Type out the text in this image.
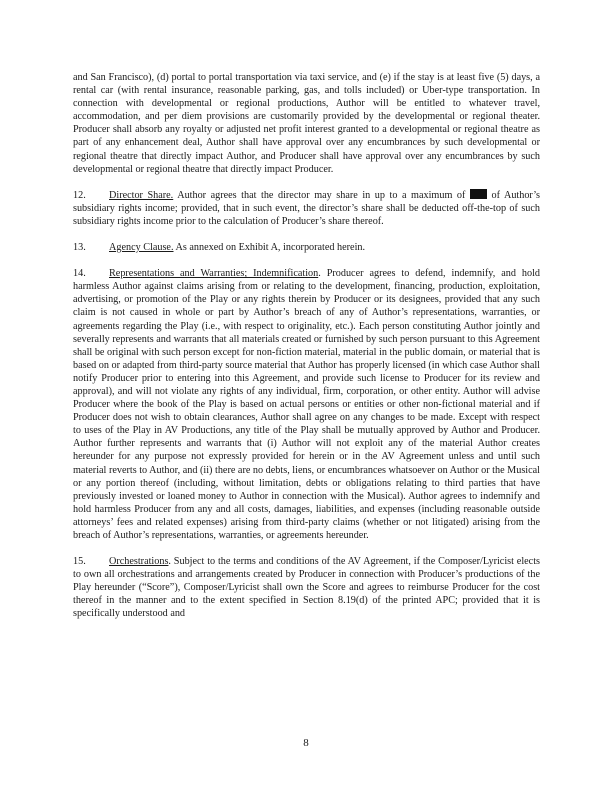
and San Francisco), (d) portal to portal transportation via taxi service, and (e) if the stay is at least five (5) days, a rental car (with rental insurance, reasonable parking, gas, and tolls included) or Uber-type transportation. In connection with developmental or regional productions, Author will be entitled to whatever travel, accommodation, and per diem provisions are customarily provided by the developmental or regional theater. Producer shall absorb any royalty or adjusted net profit interest granted to a developmental or regional theatre as part of any enhancement deal, Author shall have approval over any encumbrances by such developmental or regional theatre that directly impact Author, and Producer shall have approval over any encumbrances by such developmental or regional theatre that directly impact Producer.

12. Director Share. Author agrees that the director may share in up to a maximum of  of Author’s subsidiary rights income; provided, that in such event, the director’s share shall be deducted off-the-top of such subsidiary rights income prior to the calculation of Producer’s share thereof.

13. Agency Clause. As annexed on Exhibit A, incorporated herein.

14. Representations and Warranties; Indemnification. Producer agrees to defend, indemnify, and hold harmless Author against claims arising from or relating to the development, financing, production, exploitation, advertising, or promotion of the Play or any rights therein by Producer or its designees, provided that any such claim is not caused in whole or part by Author’s breach of any of Author’s representations, warranties, or agreements regarding the Play (i.e., with respect to originality, etc.). Each person constituting Author jointly and severally represents and warrants that all materials created or furnished by such person pursuant to this Agreement shall be original with such person except for non-fiction material, material in the public domain, or material that is based on or adapted from third-party source material that Author has properly licensed (in which case Author shall notify Producer prior to entering into this Agreement, and provide such license to Producer for its review and approval), and will not violate any rights of any individual, firm, corporation, or other entity. Author will advise Producer where the book of the Play is based on actual persons or entities or other non-fictional material and if Producer does not wish to obtain clearances, Author shall agree on any changes to be made. Except with respect to uses of the Play in AV Productions, any title of the Play shall be mutually approved by Author and Producer. Author further represents and warrants that (i) Author will not exploit any of the material Author creates hereunder for any purpose not expressly provided for herein or in the AV Agreement unless and until such material reverts to Author, and (ii) there are no debts, liens, or encumbrances whatsoever on Author or the Musical or any portion thereof (including, without limitation, debts or obligations relating to third parties that have previously invested or loaned money to Author in connection with the Musical). Author agrees to indemnify and hold harmless Producer from any and all costs, damages, liabilities, and expenses (including reasonable outside attorneys’ fees and related expenses) arising from third-party claims (whether or not litigated) arising from the breach of Author’s representations, warranties, or agreements hereunder.

15. Orchestrations. Subject to the terms and conditions of the AV Agreement, if the Composer/Lyricist elects to own all orchestrations and arrangements created by Producer in connection with Producer’s productions of the Play hereunder (“Score”), Composer/Lyricist shall own the Score and agrees to reimburse Producer for the cost thereof in the manner and to the extent specified in Section 8.19(d) of the printed APC; provided that it is specifically understood and

8
